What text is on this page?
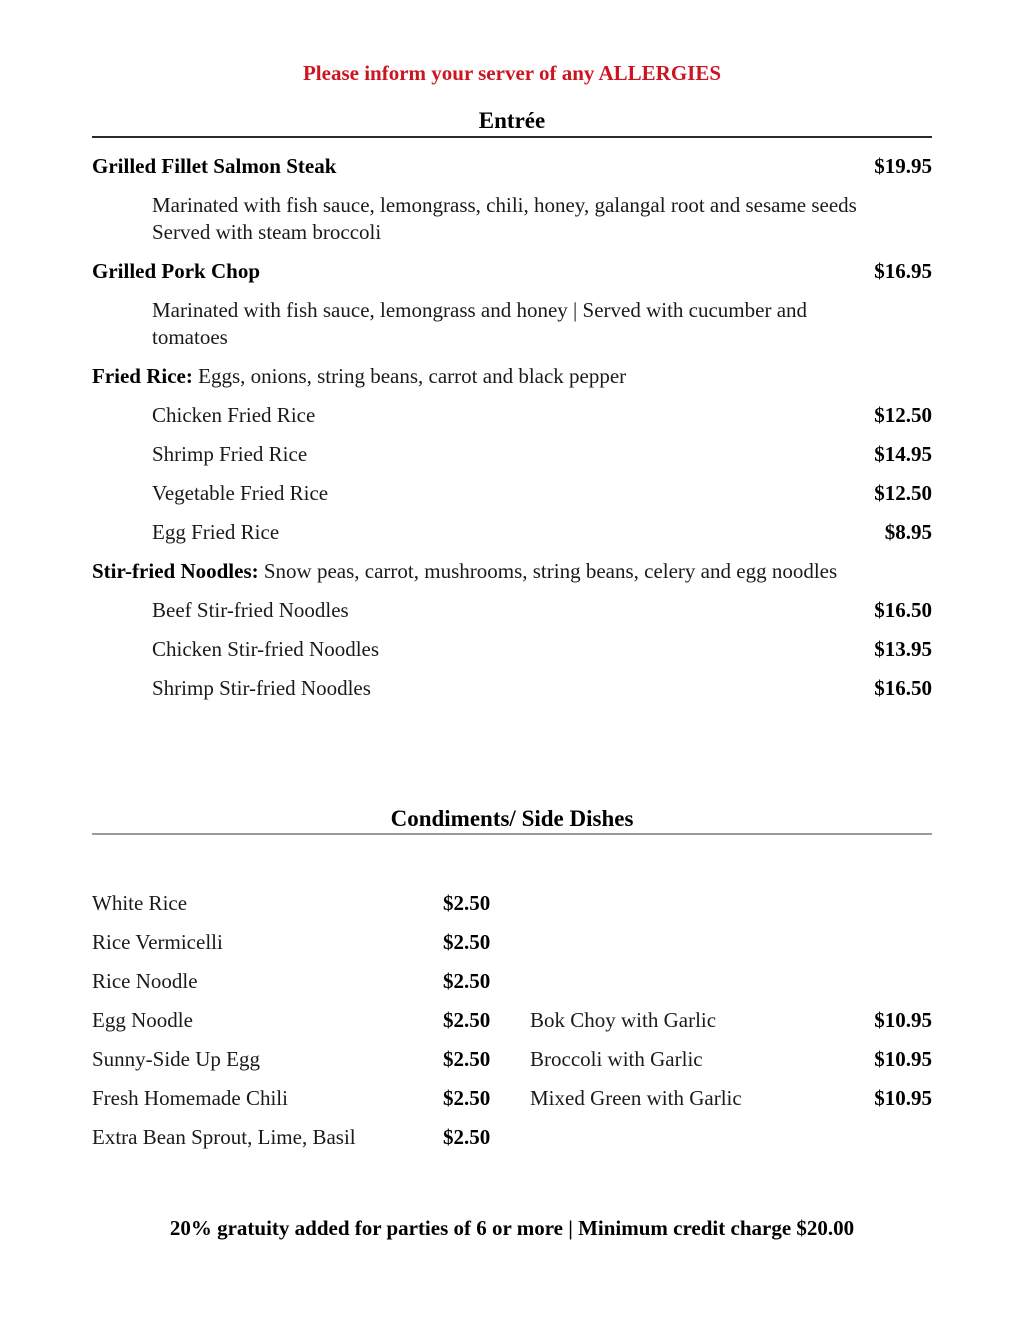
Please inform your server of any ALLERGIES
Entrée
Grilled Fillet Salmon Steak	$19.95
Marinated with fish sauce, lemongrass, chili, honey, galangal root and sesame seeds
Served with steam broccoli
Grilled Pork Chop	$16.95
Marinated with fish sauce, lemongrass and honey | Served with cucumber and
tomatoes
Fried Rice: Eggs, onions, string beans, carrot and black pepper
Chicken Fried Rice	$12.50
Shrimp Fried Rice	$14.95
Vegetable Fried Rice	$12.50
Egg Fried Rice	$8.95
Stir-fried Noodles: Snow peas, carrot, mushrooms, string beans, celery and egg noodles
Beef Stir-fried Noodles	$16.50
Chicken Stir-fried Noodles	$13.95
Shrimp Stir-fried Noodles	$16.50
Condiments/ Side Dishes
White Rice	$2.50
Rice Vermicelli	$2.50
Rice Noodle	$2.50
Egg Noodle	$2.50	Bok Choy with Garlic	$10.95
Sunny-Side Up Egg	$2.50	Broccoli with Garlic	$10.95
Fresh Homemade Chili	$2.50	Mixed Green with Garlic	$10.95
Extra Bean Sprout, Lime, Basil	$2.50
20% gratuity added for parties of 6 or more | Minimum credit charge $20.00
